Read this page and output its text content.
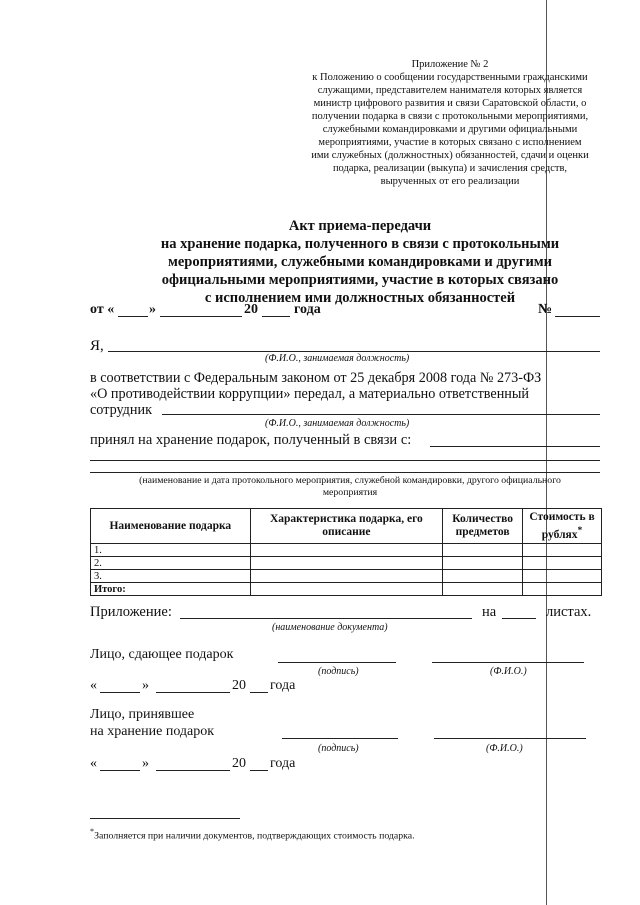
Приложение № 2
к Положению о сообщении государственными гражданскими
служащими, представителем нанимателя которых является
министр цифрового развития и связи Саратовской области, о
получении подарка в связи с протокольными мероприятиями,
служебными командировками и другими официальными
мероприятиями, участие в которых связано с исполнением
ими служебных (должностных) обязанностей, сдачи и оценки
подарка, реализации (выкупа) и зачисления средств,
вырученных от его реализации
Акт приема-передачи
на хранение подарка, полученного в связи с протокольными
мероприятиями, служебными командировками и другими
официальными мероприятиями, участие в которых связано
с исполнением ими должностных обязанностей
от « »	20	года	№
Я,
(Ф.И.О., занимаемая должность)
в соответствии с Федеральным законом от 25 декабря 2008 года № 273-ФЗ
«О противодействии коррупции» передал, а материально ответственный
сотрудник
(Ф.И.О., занимаемая должность)
принял на хранение подарок, полученный в связи с:
(наименование и дата протокольного мероприятия, служебной командировки, другого официального
мероприятия
Наименование подарка	Характеристика подарка, его описание	Количество предметов	Стоимость в рублях*
1.			
2.			
3.			
Итого:			
Приложение:	на	листах.
(наименование документа)
Лицо, сдающее подарок
(подпись)	(Ф.И.О.)
«	»	20 года
Лицо, принявшее
на хранение подарок
(подпись)	(Ф.И.О.)
«	»	20 года
*Заполняется при наличии документов, подтверждающих стоимость подарка.
